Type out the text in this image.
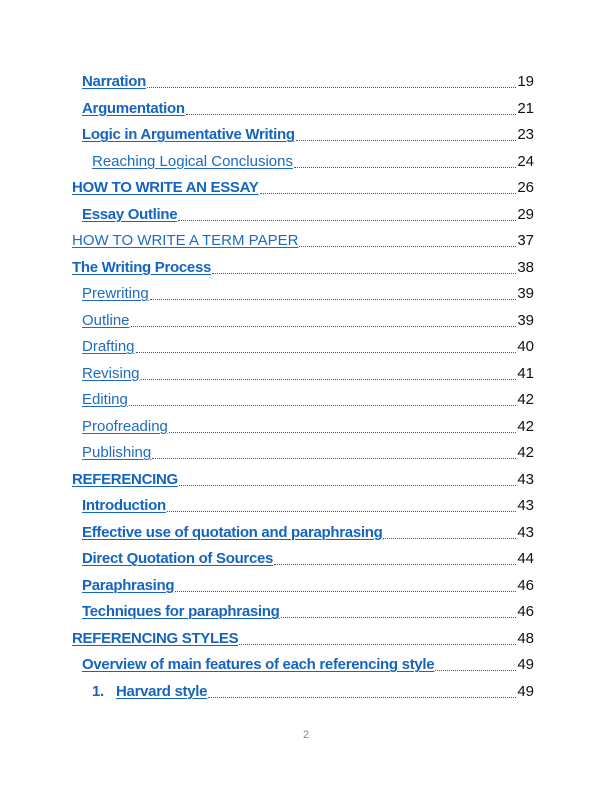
Narration	19
Argumentation	21
Logic in Argumentative Writing	23
Reaching Logical Conclusions	24
HOW TO WRITE AN ESSAY	26
Essay Outline	29
HOW TO WRITE A TERM PAPER	37
The Writing Process	38
Prewriting	39
Outline	39
Drafting	40
Revising	41
Editing	42
Proofreading	42
Publishing	42
REFERENCING	43
Introduction	43
Effective use of quotation and paraphrasing	43
Direct Quotation of Sources	44
Paraphrasing	46
Techniques for paraphrasing	46
REFERENCING STYLES	48
Overview of main features of each referencing style	49
1. Harvard style	49
2
